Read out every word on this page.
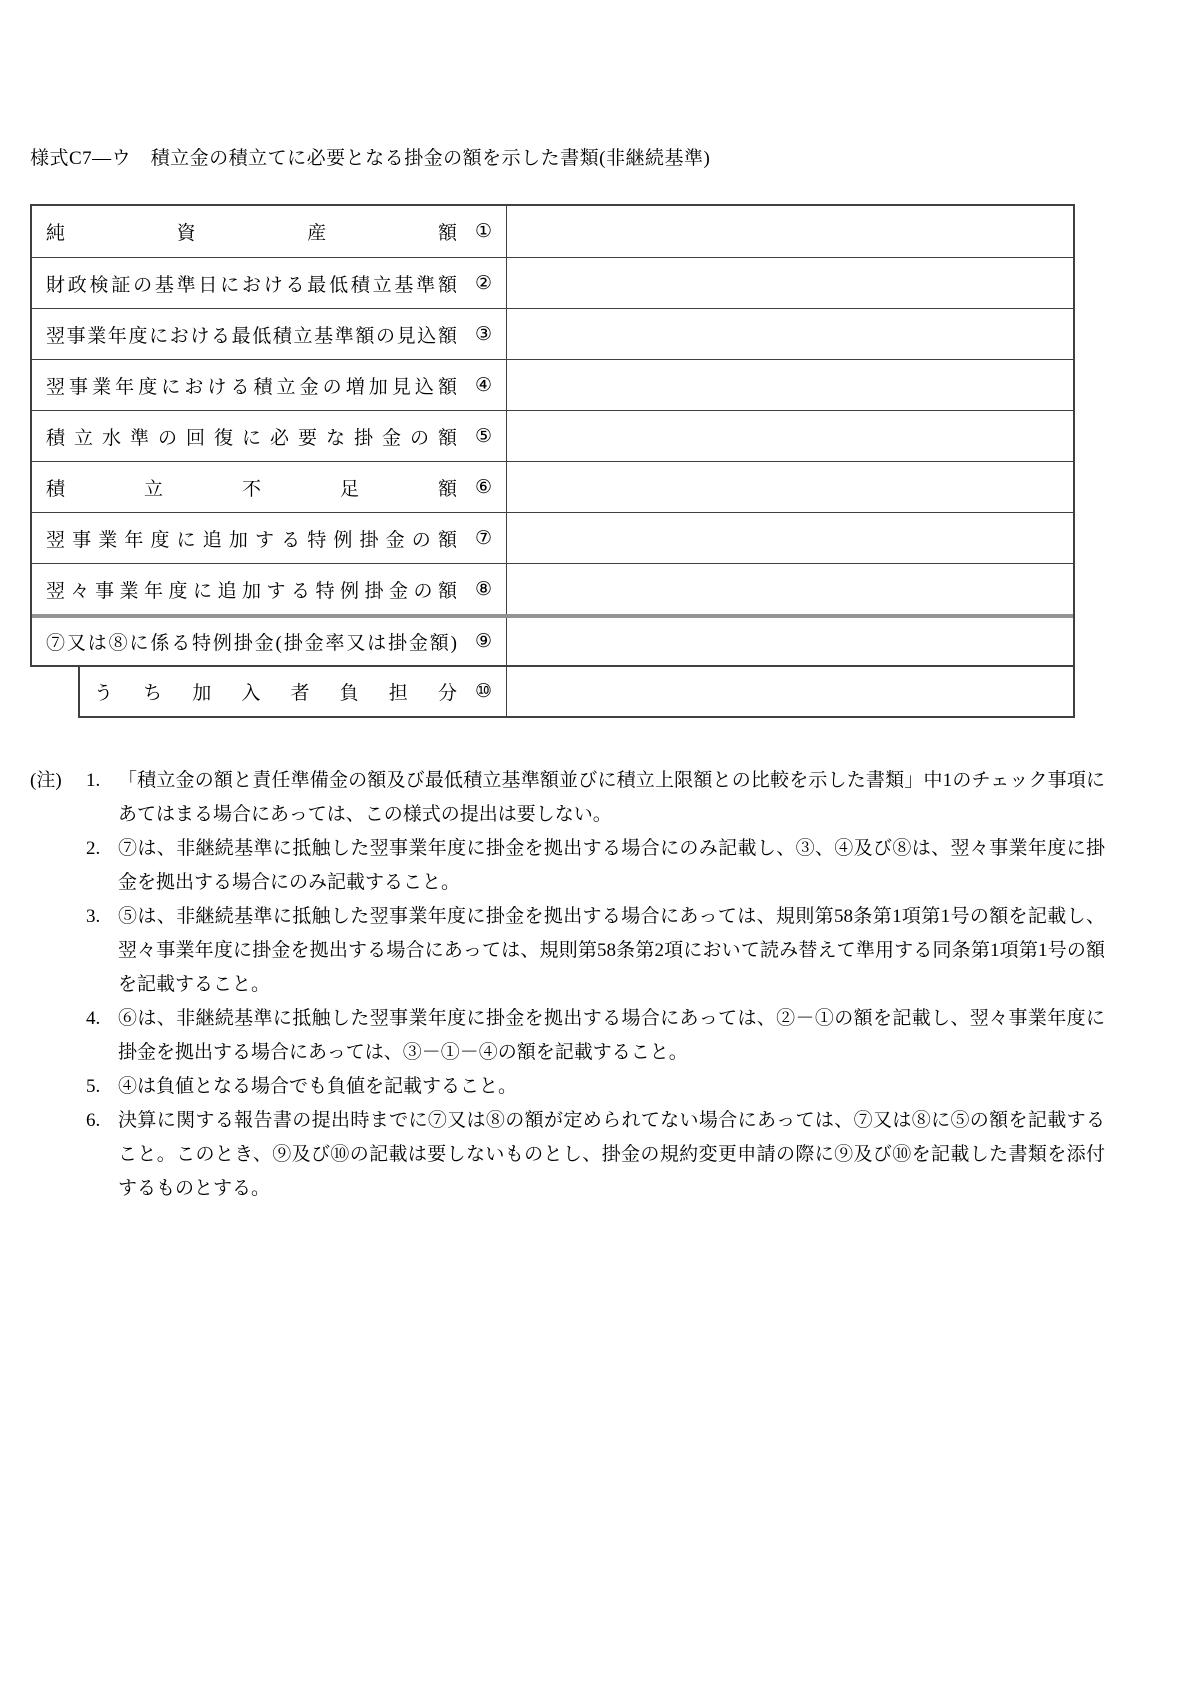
様式C7―ウ　積立金の積立てに必要となる掛金の額を示した書類(非継続基準)
純資産額 ①
財政検証の基準日における最低積立基準額 ②
翌事業年度における最低積立基準額の見込額 ③
翌事業年度における積立金の増加見込額 ④
積立水準の回復に必要な掛金の額 ⑤
積立不足額 ⑥
翌事業年度に追加する特例掛金の額 ⑦
翌々事業年度に追加する特例掛金の額 ⑧
⑦又は⑧に係る特例掛金(掛金率又は掛金額) ⑨
うち加入者負担分 ⑩
(注)	1. 「積立金の額と責任準備金の額及び最低積立基準額並びに積立上限額との比較を示した書類」中1のチェック事項にあてはまる場合にあっては、この様式の提出は要しない。
2. ⑦は、非継続基準に抵触した翌事業年度に掛金を拠出する場合にのみ記載し、③、④及び⑧は、翌々事業年度に掛金を拠出する場合にのみ記載すること。
3. ⑤は、非継続基準に抵触した翌事業年度に掛金を拠出する場合にあっては、規則第58条第1項第1号の額を記載し、翌々事業年度に掛金を拠出する場合にあっては、規則第58条第2項において読み替えて準用する同条第1項第1号の額を記載すること。
4. ⑥は、非継続基準に抵触した翌事業年度に掛金を拠出する場合にあっては、②－①の額を記載し、翌々事業年度に掛金を拠出する場合にあっては、③－①－④の額を記載すること。
5. ④は負値となる場合でも負値を記載すること。
6. 決算に関する報告書の提出時までに⑦又は⑧の額が定められてない場合にあっては、⑦又は⑧に⑤の額を記載すること。このとき、⑨及び⑩の記載は要しないものとし、掛金の規約変更申請の際に⑨及び⑩を記載した書類を添付するものとする。
